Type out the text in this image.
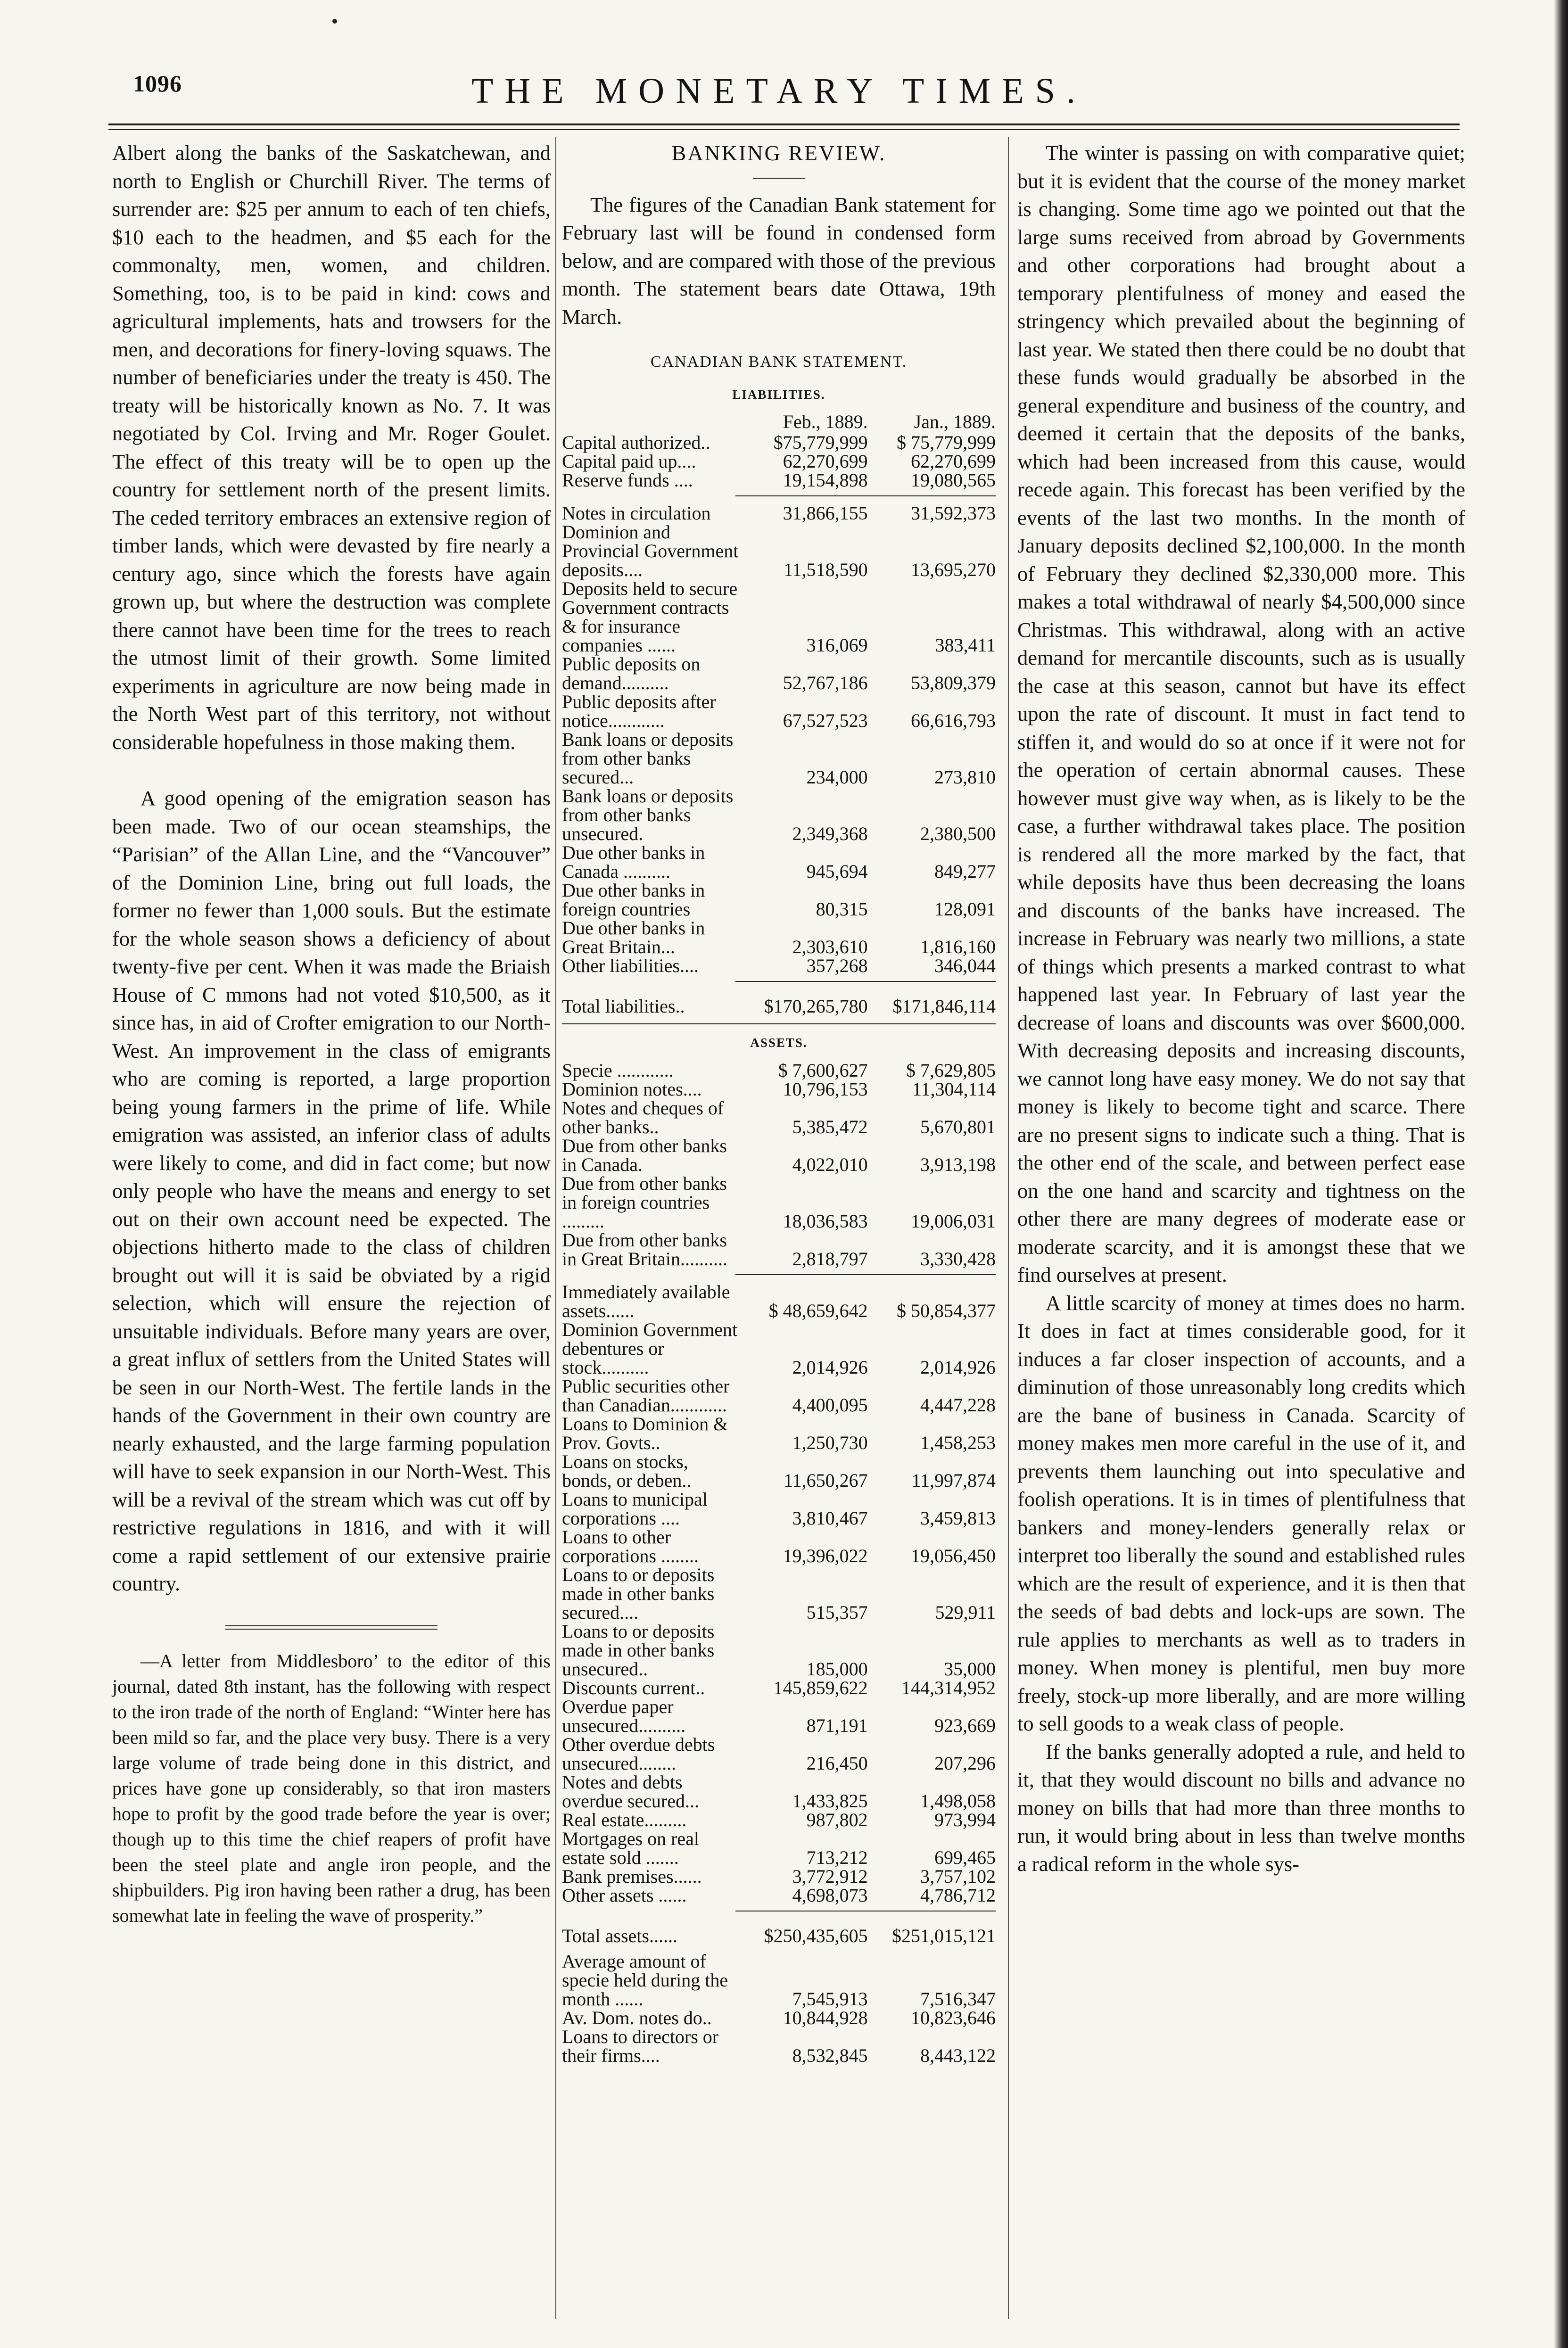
1096	THE MONETARY TIMES.

Albert along the banks of the Saskatchewan, and north to English or Churchill River. The terms of surrender are: $25 per annum to each of ten chiefs, $10 each to the headmen, and $5 each for the commonalty, men, women, and children. Something, too, is to be paid in kind: cows and agricultural implements, hats and trowsers for the men, and decorations for finery-loving squaws. The number of beneficiaries under the treaty is 450. The treaty will be historically known as No. 7. It was negotiated by Col. Irving and Mr. Roger Goulet. The effect of this treaty will be to open up the country for settlement north of the present limits. The ceded territory embraces an extensive region of timber lands, which were devasted by fire nearly a century ago, since which the forests have again grown up, but where the destruction was complete there cannot have been time for the trees to reach the utmost limit of their growth. Some limited experiments in agriculture are now being made in the North West part of this territory, not without considerable hopefulness in those making them.

A good opening of the emigration season has been made. Two of our ocean steamships, the “Parisian” of the Allan Line, and the “Vancouver” of the Dominion Line, bring out full loads, the former no fewer than 1,000 souls. But the estimate for the whole season shows a deficiency of about twenty-five per cent. When it was made the Briaish House of C mmons had not voted $10,500, as it since has, in aid of Crofter emigration to our North-West. An improvement in the class of emigrants who are coming is reported, a large proportion being young farmers in the prime of life. While emigration was assisted, an inferior class of adults were likely to come, and did in fact come; but now only people who have the means and energy to set out on their own account need be expected. The objections hitherto made to the class of children brought out will it is said be obviated by a rigid selection, which will ensure the rejection of unsuitable individuals. Before many years are over, a great influx of settlers from the United States will be seen in our North-West. The fertile lands in the hands of the Government in their own country are nearly exhausted, and the large farming population will have to seek expansion in our North-West. This will be a revival of the stream which was cut off by restrictive regulations in 1816, and with it will come a rapid settlement of our extensive prairie country.

—A letter from Middlesboro’ to the editor of this journal, dated 8th instant, has the following with respect to the iron trade of the north of England: “Winter here has been mild so far, and the place very busy. There is a very large volume of trade being done in this district, and prices have gone up considerably, so that iron masters hope to profit by the good trade before the year is over; though up to this time the chief reapers of profit have been the steel plate and angle iron people, and the shipbuilders. Pig iron having been rather a drug, has been somewhat late in feeling the wave of prosperity.”

BANKING REVIEW.

The figures of the Canadian Bank statement for February last will be found in condensed form below, and are compared with those of the previous month. The statement bears date Ottawa, 19th March.

CANADIAN BANK STATEMENT.
LIABILITIES.
	Feb., 1889.	Jan., 1889.
Capital authorized..	$75,779,999	$ 75,779,999
Capital paid up....	62,270,699	62,270,699
Reserve funds ....	19,154,898	19,080,565
Notes in circulation	31,866,155	31,592,373
Dominion and Provincial Government deposits....	11,518,590	13,695,270
Deposits held to secure Government contracts & for insurance companies ......	316,069	383,411
Public deposits on demand..........	52,767,186	53,809,379
Public deposits after notice............	67,527,523	66,616,793
Bank loans or deposits from other banks secured...	234,000	273,810
Bank loans or deposits from other banks unsecured.	2,349,368	2,380,500
Due other banks in Canada ..........	945,694	849,277
Due other banks in foreign countries	80,315	128,091
Due other banks in Great Britain...	2,303,610	1,816,160
Other liabilities....	357,268	346,044
Total liabilities..	$170,265,780	$171,846,114
ASSETS.
Specie ............	$ 7,600,627	$ 7,629,805
Dominion notes....	10,796,153	11,304,114
Notes and cheques of other banks..	5,385,472	5,670,801
Due from other banks in Canada.	4,022,010	3,913,198
Due from other banks in foreign countries .........	18,036,583	19,006,031
Due from other banks in Great Britain..........	2,818,797	3,330,428
Immediately available assets......	$ 48,659,642	$ 50,854,377
Dominion Government debentures or stock..........	2,014,926	2,014,926
Public securities other than Canadian............	4,400,095	4,447,228
Loans to Dominion & Prov. Govts..	1,250,730	1,458,253
Loans on stocks, bonds, or deben..	11,650,267	11,997,874
Loans to municipal corporations ....	3,810,467	3,459,813
Loans to other corporations ........	19,396,022	19,056,450
Loans to or deposits made in other banks secured....	515,357	529,911
Loans to or deposits made in other banks unsecured..	185,000	35,000
Discounts current..	145,859,622	144,314,952
Overdue paper unsecured..........	871,191	923,669
Other overdue debts unsecured........	216,450	207,296
Notes and debts overdue secured...	1,433,825	1,498,058
Real estate.........	987,802	973,994
Mortgages on real estate sold .......	713,212	699,465
Bank premises......	3,772,912	3,757,102
Other assets ......	4,698,073	4,786,712
Total assets......	$250,435,605	$251,015,121
Average amount of specie held during the month ......	7,545,913	7,516,347
Av. Dom. notes do..	10,844,928	10,823,646
Loans to directors or their firms....	8,532,845	8,443,122

The winter is passing on with comparative quiet; but it is evident that the course of the money market is changing. Some time ago we pointed out that the large sums received from abroad by Governments and other corporations had brought about a temporary plentifulness of money and eased the stringency which prevailed about the beginning of last year. We stated then there could be no doubt that these funds would gradually be absorbed in the general expenditure and business of the country, and deemed it certain that the deposits of the banks, which had been increased from this cause, would recede again. This forecast has been verified by the events of the last two months. In the month of January deposits declined $2,100,000. In the month of February they declined $2,330,000 more. This makes a total withdrawal of nearly $4,500,000 since Christmas. This withdrawal, along with an active demand for mercantile discounts, such as is usually the case at this season, cannot but have its effect upon the rate of discount. It must in fact tend to stiffen it, and would do so at once if it were not for the operation of certain abnormal causes. These however must give way when, as is likely to be the case, a further withdrawal takes place. The position is rendered all the more marked by the fact, that while deposits have thus been decreasing the loans and discounts of the banks have increased. The increase in February was nearly two millions, a state of things which presents a marked contrast to what happened last year. In February of last year the decrease of loans and discounts was over $600,000. With decreasing deposits and increasing discounts, we cannot long have easy money. We do not say that money is likely to become tight and scarce. There are no present signs to indicate such a thing. That is the other end of the scale, and between perfect ease on the one hand and scarcity and tightness on the other there are many degrees of moderate ease or moderate scarcity, and it is amongst these that we find ourselves at present.

A little scarcity of money at times does no harm. It does in fact at times considerable good, for it induces a far closer inspection of accounts, and a diminution of those unreasonably long credits which are the bane of business in Canada. Scarcity of money makes men more careful in the use of it, and prevents them launching out into speculative and foolish operations. It is in times of plentifulness that bankers and money-lenders generally relax or interpret too liberally the sound and established rules which are the result of experience, and it is then that the seeds of bad debts and lock-ups are sown. The rule applies to merchants as well as to traders in money. When money is plentiful, men buy more freely, stock-up more liberally, and are more willing to sell goods to a weak class of people.

If the banks generally adopted a rule, and held to it, that they would discount no bills and advance no money on bills that had more than three months to run, it would bring about in less than twelve months a radical reform in the whole sys-
